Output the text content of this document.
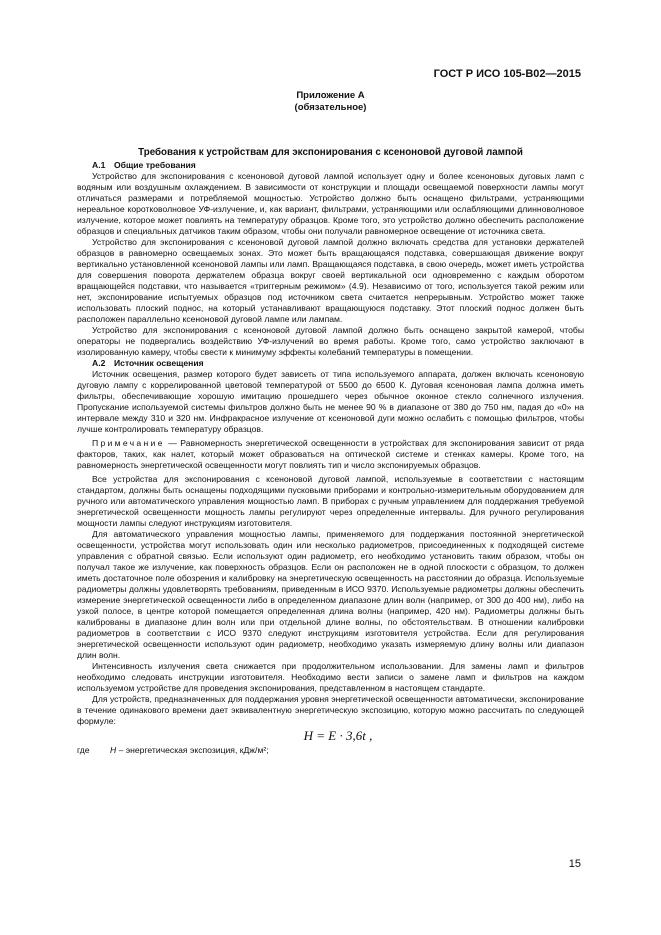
ГОСТ Р ИСО 105-B02—2015
Приложение А
(обязательное)
Требования к устройствам для экспонирования с ксеноновой дуговой лампой
А.1 Общие требования

Устройство для экспонирования с ксеноновой дуговой лампой использует одну и более ксеноновых дуговых ламп с водяным или воздушным охлаждением. В зависимости от конструкции и площади освещаемой поверхности лампы могут отличаться размерами и потребляемой мощностью. Устройство должно быть оснащено фильтрами, устраняющими нереальное коротковолновое УФ-излучение, и, как вариант, фильтрами, устраняющими или ослабляющими длинноволновое излучение, которое может повлиять на температуру образцов. Кроме того, это устройство должно обеспечить расположение образцов и специальных датчиков таким образом, чтобы они получали равномерное освещение от источника света.

Устройство для экспонирования с ксеноновой дуговой лампой должно включать средства для установки держателей образцов в равномерно освещаемых зонах. Это может быть вращающаяся подставка, совершающая движение вокруг вертикально установленной ксеноновой лампы или ламп. Вращающаяся подставка, в свою очередь, может иметь устройства для совершения поворота держателем образца вокруг своей вертикальной оси одновременно с каждым оборотом вращающейся подставки, что называется «триггерным режимом» (4.9). Независимо от того, используется такой режим или нет, экспонирование испытуемых образцов под источником света считается непрерывным. Устройство может также использовать плоский поднос, на который устанавливают вращающуюся подставку. Этот плоский поднос должен быть расположен параллельно ксеноновой дуговой лампе или лампам.

Устройство для экспонирования с ксеноновой дуговой лампой должно быть оснащено закрытой камерой, чтобы операторы не подвергались воздействию УФ-излучений во время работы. Кроме того, само устройство заключают в изолированную камеру, чтобы свести к минимуму эффекты колебаний температуры в помещении.

А.2 Источник освещения

Источник освещения, размер которого будет зависеть от типа используемого аппарата, должен включать ксеноновую дуговую лампу с коррелированной цветовой температурой от 5500 до 6500 К. Дуговая ксеноновая лампа должна иметь фильтры, обеспечивающие хорошую имитацию прошедшего через обычное оконное стекло солнечного излучения. Пропускание используемой системы фильтров должно быть не менее 90 % в диапазоне от 380 до 750 нм, падая до «0» на интервале между 310 и 320 нм. Инфракрасное излучение от ксеноновой дуги можно ослабить с помощью фильтров, чтобы лучше контролировать температуру образцов.

Примечание — Равномерность энергетической освещенности в устройствах для экспонирования зависит от ряда факторов, таких, как налет, который может образоваться на оптической системе и стенках камеры. Кроме того, на равномерность энергетической освещенности могут повлиять тип и число экспонируемых образцов.

Все устройства для экспонирования с ксеноновой дуговой лампой, используемые в соответствии с настоящим стандартом, должны быть оснащены подходящими пусковыми приборами и контрольно-измерительным оборудованием для ручного или автоматического управления мощностью ламп. В приборах с ручным управлением для поддержания требуемой энергетической освещенности мощность лампы регулируют через определенные интервалы. Для ручного регулирования мощности лампы следуют инструкциям изготовителя.

Для автоматического управления мощностью лампы, применяемого для поддержания постоянной энергетической освещенности, устройства могут использовать один или несколько радиометров, присоединенных к подходящей системе управления с обратной связью. Если используют один радиометр, его необходимо установить таким образом, чтобы он получал такое же излучение, как поверхность образцов. Если он расположен не в одной плоскости с образцом, то должен иметь достаточное поле обозрения и калибровку на энергетическую освещенность на расстоянии до образца. Используемые радиометры должны удовлетворять требованиям, приведенным в ИСО 9370. Используемые радиометры должны обеспечить измерение энергетической освещенности либо в определенном диапазоне длин волн (например, от 300 до 400 нм), либо на узкой полосе, в центре которой помещается определенная длина волны (например, 420 нм). Радиометры должны быть калиброваны в диапазоне длин волн или при отдельной длине волны, по обстоятельствам. В отношении калибровки радиометров в соответствии с ИСО 9370 следуют инструкциям изготовителя устройства. Если для регулирования энергетической освещенности используют один радиометр, необходимо указать измеряемую длину волны или диапазон длин волн.

Интенсивность излучения света снижается при продолжительном использовании. Для замены ламп и фильтров необходимо следовать инструкции изготовителя. Необходимо вести записи о замене ламп и фильтров на каждом используемом устройстве для проведения экспонирования, представленном в настоящем стандарте.

Для устройств, предназначенных для поддержания уровня энергетической освещенности автоматически, экспонирование в течение одинакового времени дает эквивалентную энергетическую экспозицию, которую можно рассчитать по следующей формуле:

H = E · 3,6t ,

где	H – энергетическая экспозиция, кДж/м²;
15
